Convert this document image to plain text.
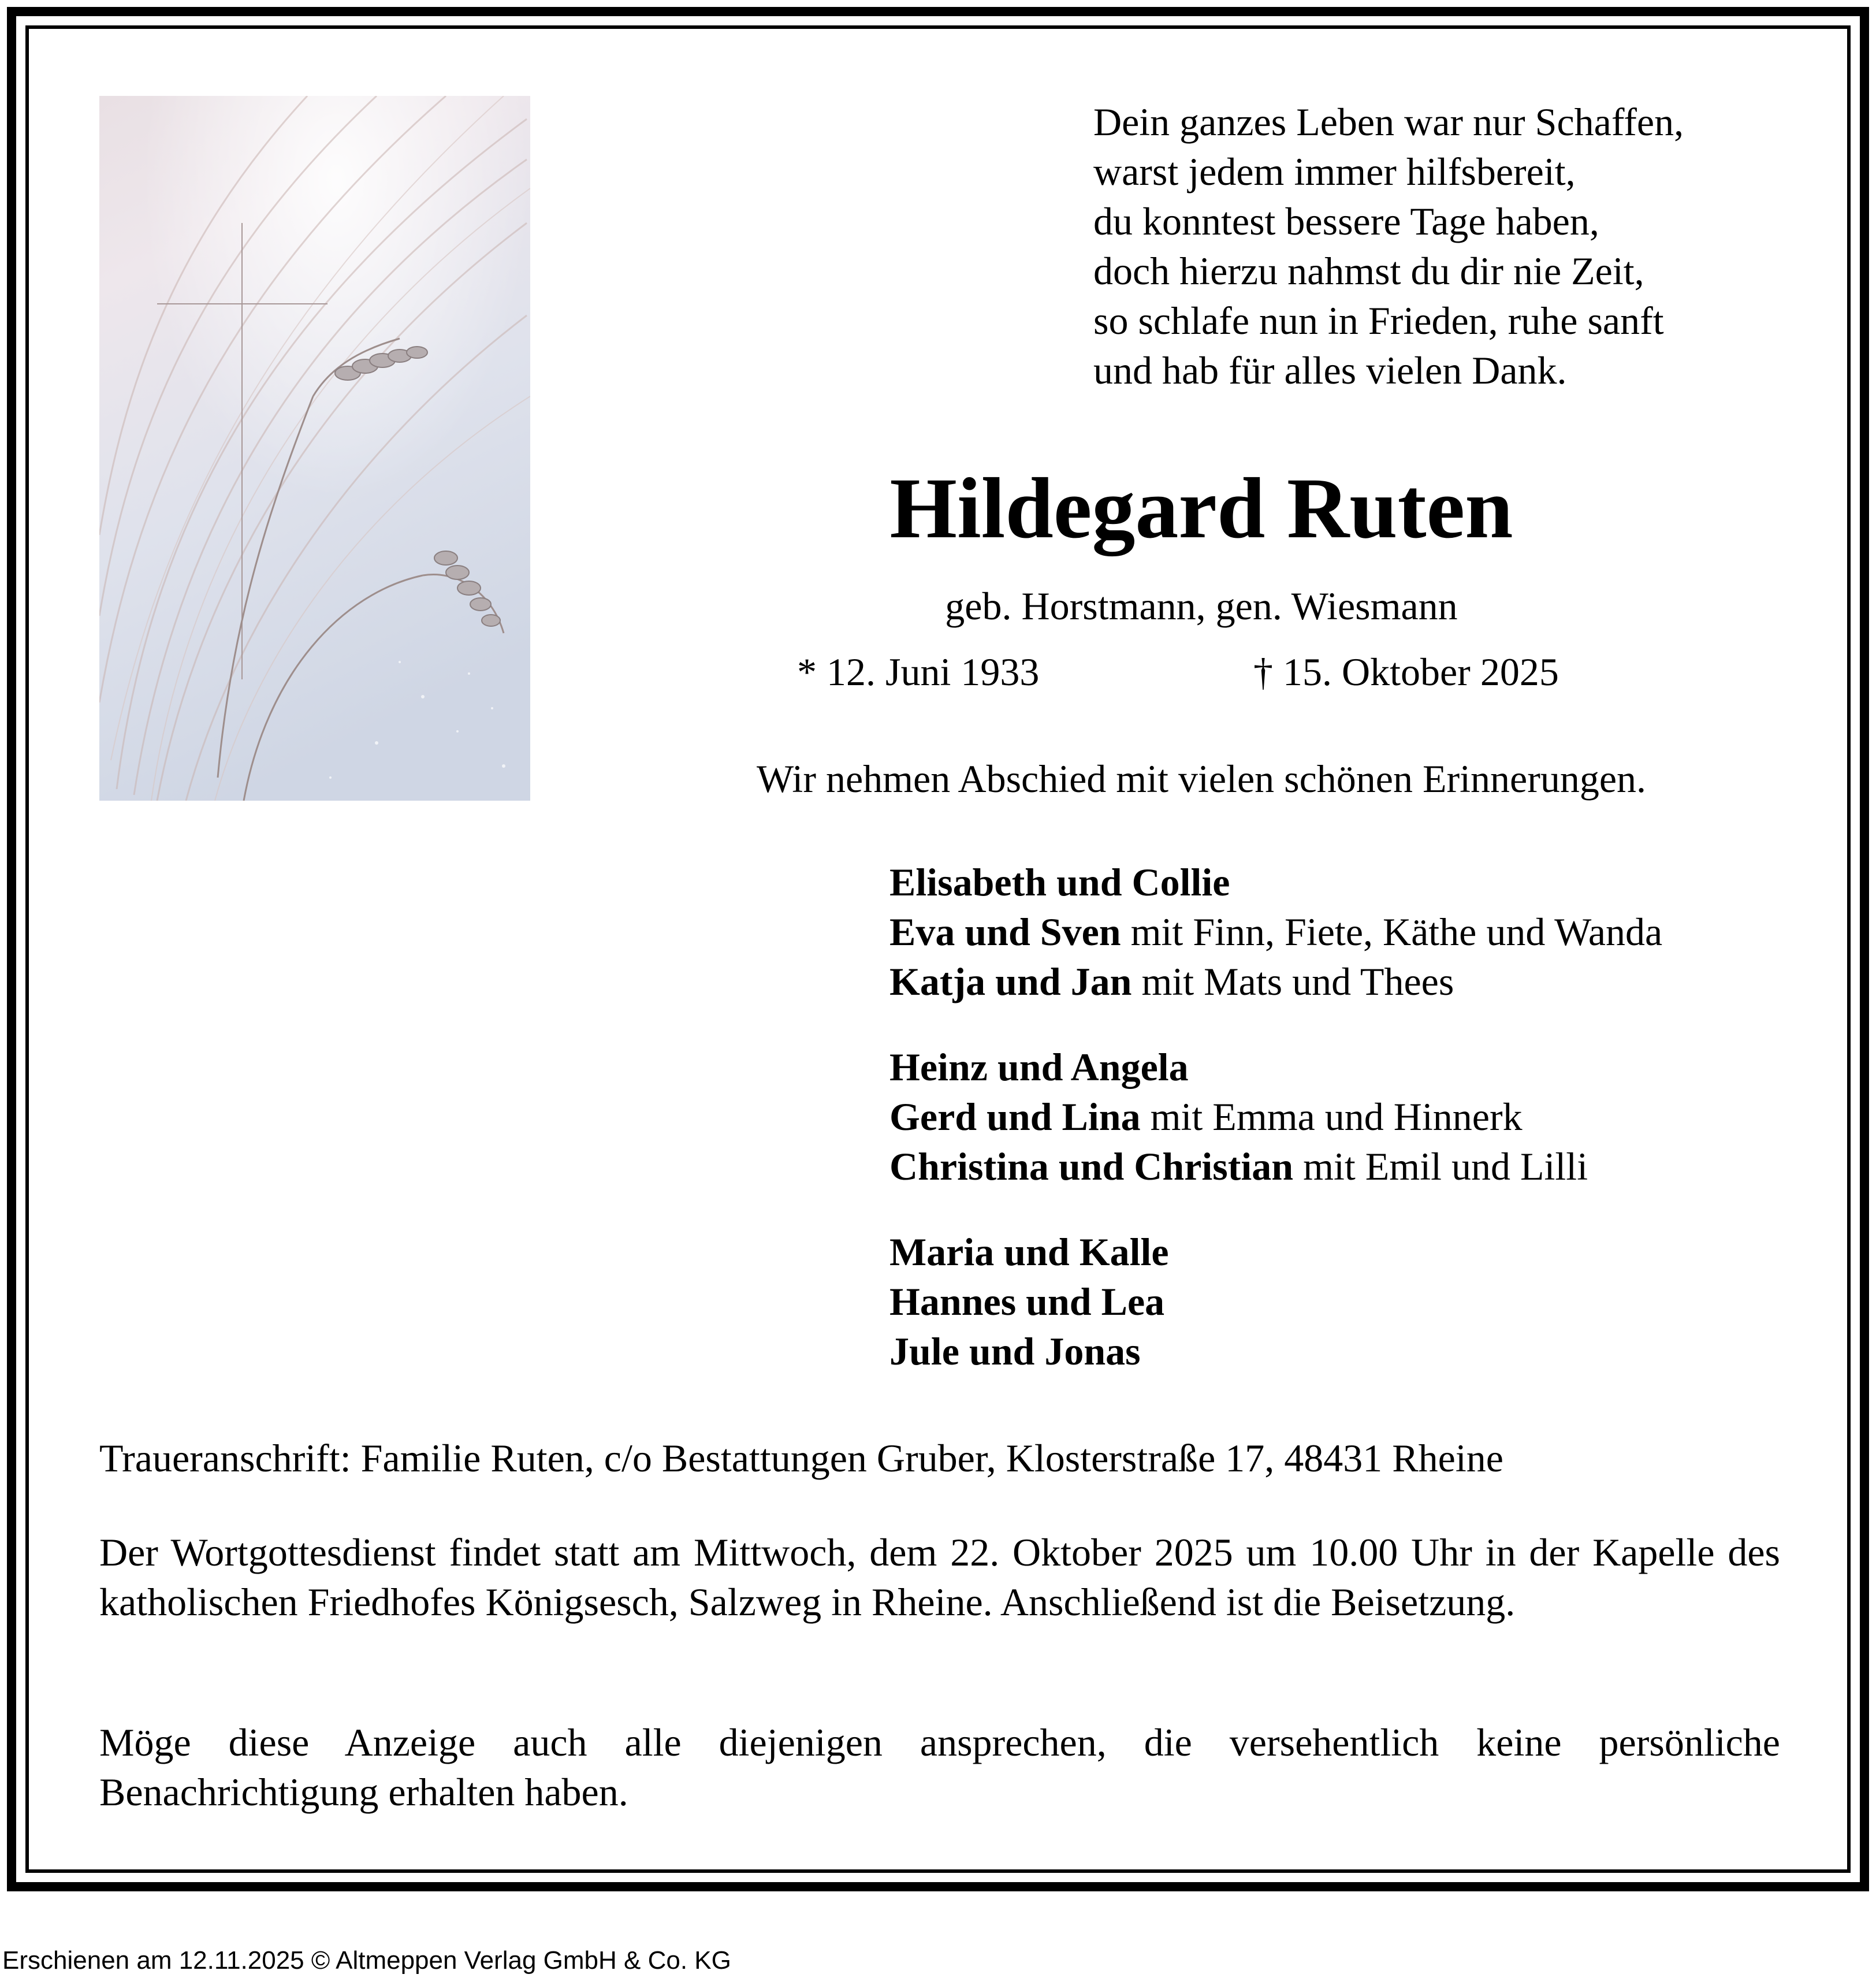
Dein ganzes Leben war nur Schaffen,
warst jedem immer hilfsbereit,
du konntest bessere Tage haben,
doch hierzu nahmst du dir nie Zeit,
so schlafe nun in Frieden, ruhe sanft
und hab für alles vielen Dank.
Hildegard Ruten
geb. Horstmann, gen. Wiesmann
* 12. Juni 1933	† 15. Oktober 2025
Wir nehmen Abschied mit vielen schönen Erinnerungen.
Elisabeth und Collie
Eva und Sven mit Finn, Fiete, Käthe und Wanda
Katja und Jan mit Mats und Thees
Heinz und Angela
Gerd und Lina mit Emma und Hinnerk
Christina und Christian mit Emil und Lilli
Maria und Kalle
Hannes und Lea
Jule und Jonas
Traueranschrift: Familie Ruten, c/o Bestattungen Gruber, Klosterstraße 17, 48431 Rheine
Der Wortgottesdienst findet statt am Mittwoch, dem 22. Oktober 2025 um 10.00 Uhr in der Kapelle des katholischen Friedhofes Königsesch, Salzweg in Rheine. Anschließend ist die Beisetzung.
Möge diese Anzeige auch alle diejenigen ansprechen, die versehentlich keine persönliche Benachrichtigung erhalten haben.
Erschienen am 12.11.2025 © Altmeppen Verlag GmbH & Co. KG
